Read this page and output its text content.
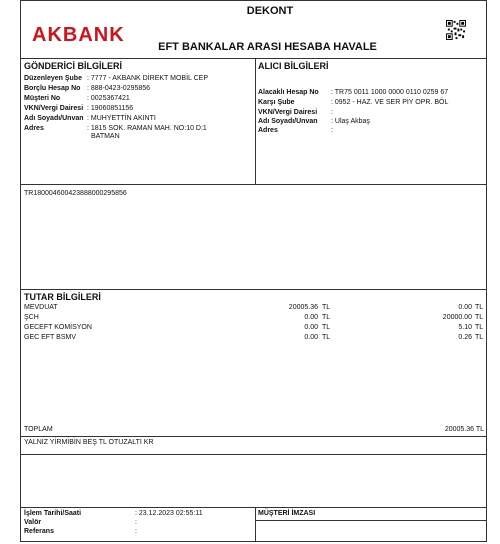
AKBANK
DEKONT
EFT BANKALAR ARASI HESABA HAVALE
GÖNDERİCİ BİLGİLERİ
Düzenleyen Şube : 7777 - AKBANK DİREKT MOBİL CEP
Borçlu Hesap No : 888-0423-0295856
Müşteri No	: 0025367421
VKN/Vergi Dairesi : 19060851156
Adı Soyadı/Unvan : MUHYETTİN AKINTI
Adres	: 1815 SOK. RAMAN MAH. NO:10 D:1
BATMAN
ALICI BİLGİLERİ
Alacaklı Hesap No : TR75 0011 1000 0000 0110 0259 67
Karşı Şube	: 0952 - HAZ. VE SER PİY OPR. BÖL
VKN/Vergi Dairesi :
Adı Soyadı/Unvan : Ulaş Akbaş
Adres	:
TR180004600423888000295856
TUTAR BİLGİLERİ
MEVDUAT	20005.36 TL	0.00 TL
ŞCH	0.00 TL	20000.00 TL
GECEFT KOMİSYON	0.00 TL	5.10 TL
GEC EFT BSMV	0.00 TL	0.26 TL
TOPLAM	20005.36 TL
YALNIZ YİRMİBİN BEŞ TL OTUZALTI KR
İşlem Tarihi/Saati	: 23.12.2023 02:55:11
Valör	:
Referans	:
MÜŞTERİ İMZASI
